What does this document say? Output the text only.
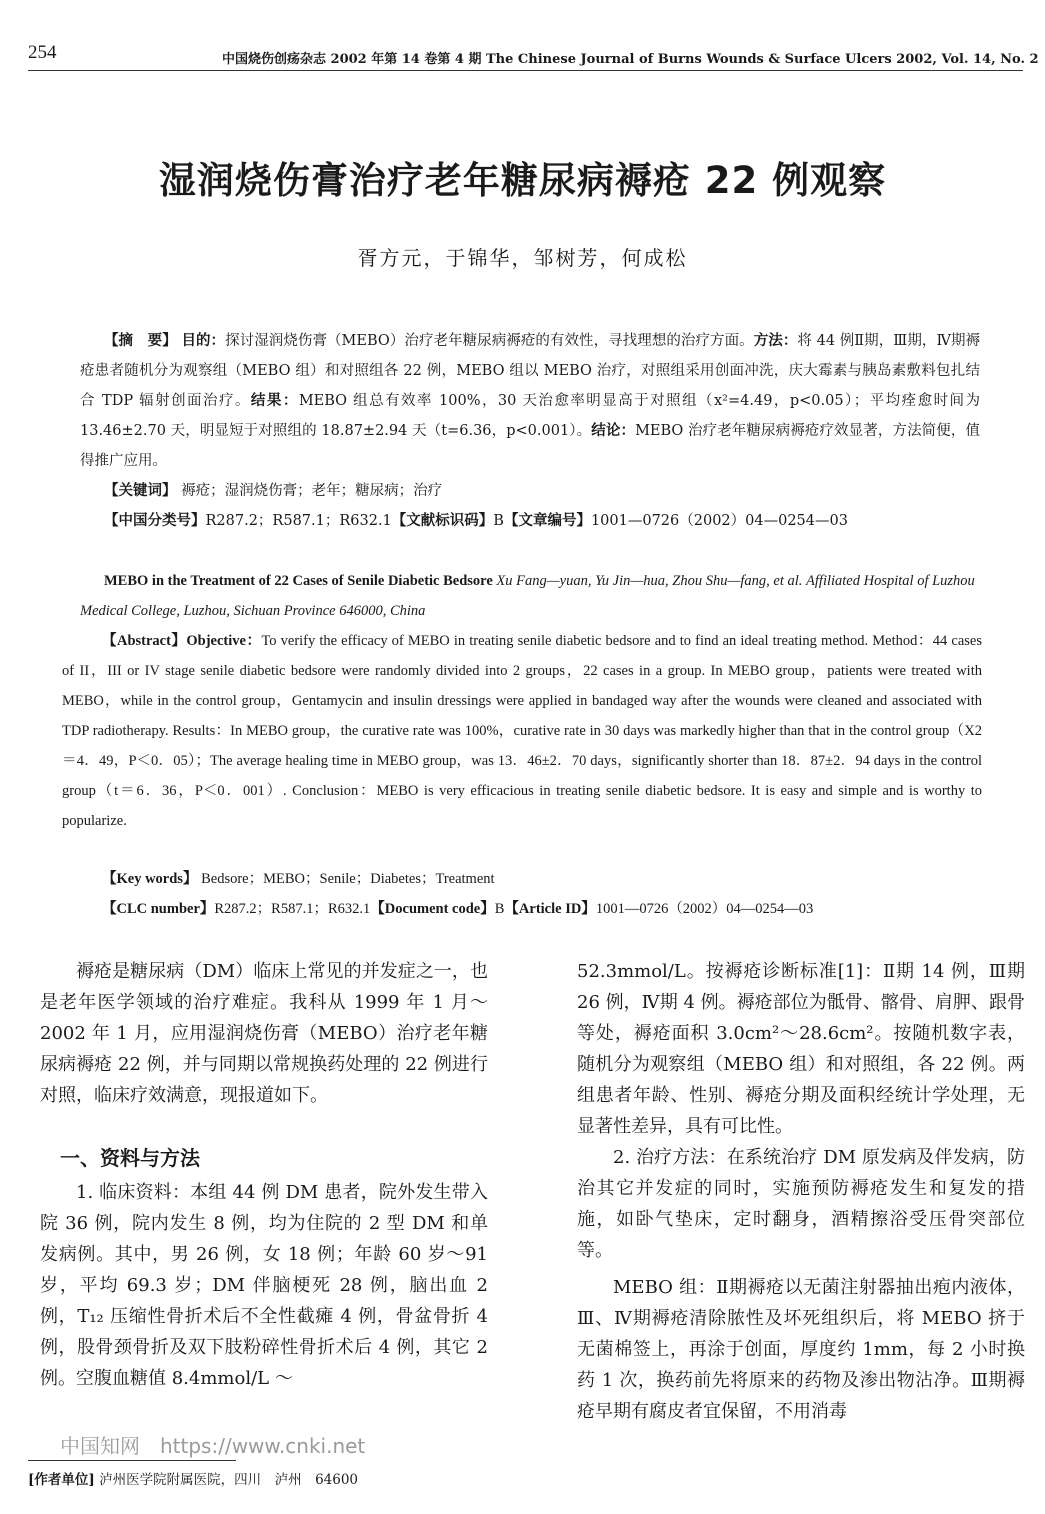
254	中国烧伤创疡杂志 2002 年第 14 卷第 4 期 The Chinese Journal of Burns Wounds & Surface Ulcers 2002, Vol. 14, No. 2
湿润烧伤膏治疗老年糖尿病褥疮 22 例观察
胥方元，于锦华，邹树芳，何成松
【摘　要】 目的：探讨湿润烧伤膏（MEBO）治疗老年糖尿病褥疮的有效性，寻找理想的治疗方面。方法：将 44 例Ⅱ期，Ⅲ期，Ⅳ期褥疮患者随机分为观察组（MEBO 组）和对照组各 22 例，MEBO 组以 MEBO 治疗，对照组采用创面冲洗，庆大霉素与胰岛素敷料包扎结合 TDP 辐射创面治疗。结果：MEBO 组总有效率 100%，30 天治愈率明显高于对照组（x²=4.49，p<0.05）；平均痊愈时间为 13.46±2.70 天，明显短于对照组的 18.87±2.94 天（t=6.36，p<0.001）。结论：MEBO 治疗老年糖尿病褥疮疗效显著，方法简便，值得推广应用。
【关键词】 褥疮；湿润烧伤膏；老年；糖尿病；治疗
【中国分类号】R287.2；R587.1；R632.1【文献标识码】B【文章编号】1001—0726（2002）04—0254—03
MEBO in the Treatment of 22 Cases of Senile Diabetic Bedsore Xu Fang—yuan, Yu Jin—hua, Zhou Shu—fang, et al. Affiliated Hospital of Luzhou Medical College, Luzhou, Sichuan Province 646000, China
【Abstract】Objective：To verify the efficacy of MEBO in treating senile diabetic bedsore and to find an ideal treating method. Method：44 cases of II，III or IV stage senile diabetic bedsore were randomly divided into 2 groups，22 cases in a group. In MEBO group，patients were treated with MEBO，while in the control group，Gentamycin and insulin dressings were applied in bandaged way after the wounds were cleaned and associated with TDP radiotherapy. Results：In MEBO group，the curative rate was 100%，curative rate in 30 days was markedly higher than that in the control group（X2＝4．49，P＜0．05）；The average healing time in MEBO group，was 13．46±2．70 days，significantly shorter than 18．87±2．94 days in the control group（t＝6．36，P＜0．001）. Conclusion：MEBO is very efficacious in treating senile diabetic bedsore. It is easy and simple and is worthy to popularize.
【Key words】 Bedsore；MEBO；Senile；Diabetes；Treatment
【CLC number】R287.2；R587.1；R632.1【Document code】B【Article ID】1001—0726（2002）04—0254—03

褥疮是糖尿病（DM）临床上常见的并发症之一，也是老年医学领域的治疗难症。我科从 1999 年 1 月～2002 年 1 月，应用湿润烧伤膏（MEBO）治疗老年糖尿病褥疮 22 例，并与同期以常规换药处理的 22 例进行对照，临床疗效满意，现报道如下。

一、资料与方法

1. 临床资料：本组 44 例 DM 患者，院外发生带入院 36 例，院内发生 8 例，均为住院的 2 型 DM 和单发病例。其中，男 26 例，女 18 例；年龄 60 岁～91 岁，平均 69.3 岁；DM 伴脑梗死 28 例，脑出血 2 例，T₁₂ 压缩性骨折术后不全性截瘫 4 例，骨盆骨折 4 例，股骨颈骨折及双下肢粉碎性骨折术后 4 例，其它 2 例。空腹血糖值 8.4mmol/L ～

52.3mmol/L。按褥疮诊断标准[1]：Ⅱ期 14 例，Ⅲ期 26 例，Ⅳ期 4 例。褥疮部位为骶骨、髂骨、肩胛、跟骨等处，褥疮面积 3.0cm²～28.6cm²。按随机数字表，随机分为观察组（MEBO 组）和对照组，各 22 例。两组患者年龄、性别、褥疮分期及面积经统计学处理，无显著性差异，具有可比性。

2. 治疗方法：在系统治疗 DM 原发病及伴发病，防治其它并发症的同时，实施预防褥疮发生和复发的措施，如卧气垫床，定时翻身，酒精擦浴受压骨突部位等。

MEBO 组：Ⅱ期褥疮以无菌注射器抽出疱内液体，Ⅲ、Ⅳ期褥疮清除脓性及坏死组织后，将 MEBO 挤于无菌棉签上，再涂于创面，厚度约 1mm，每 2 小时换药 1 次，换药前先将原来的药物及渗出物沾净。Ⅲ期褥疮早期有腐皮者宜保留，不用消毒

中国知网　https://www.cnki.net
[作者单位] 泸州医学院附属医院，四川　泸州　64600
